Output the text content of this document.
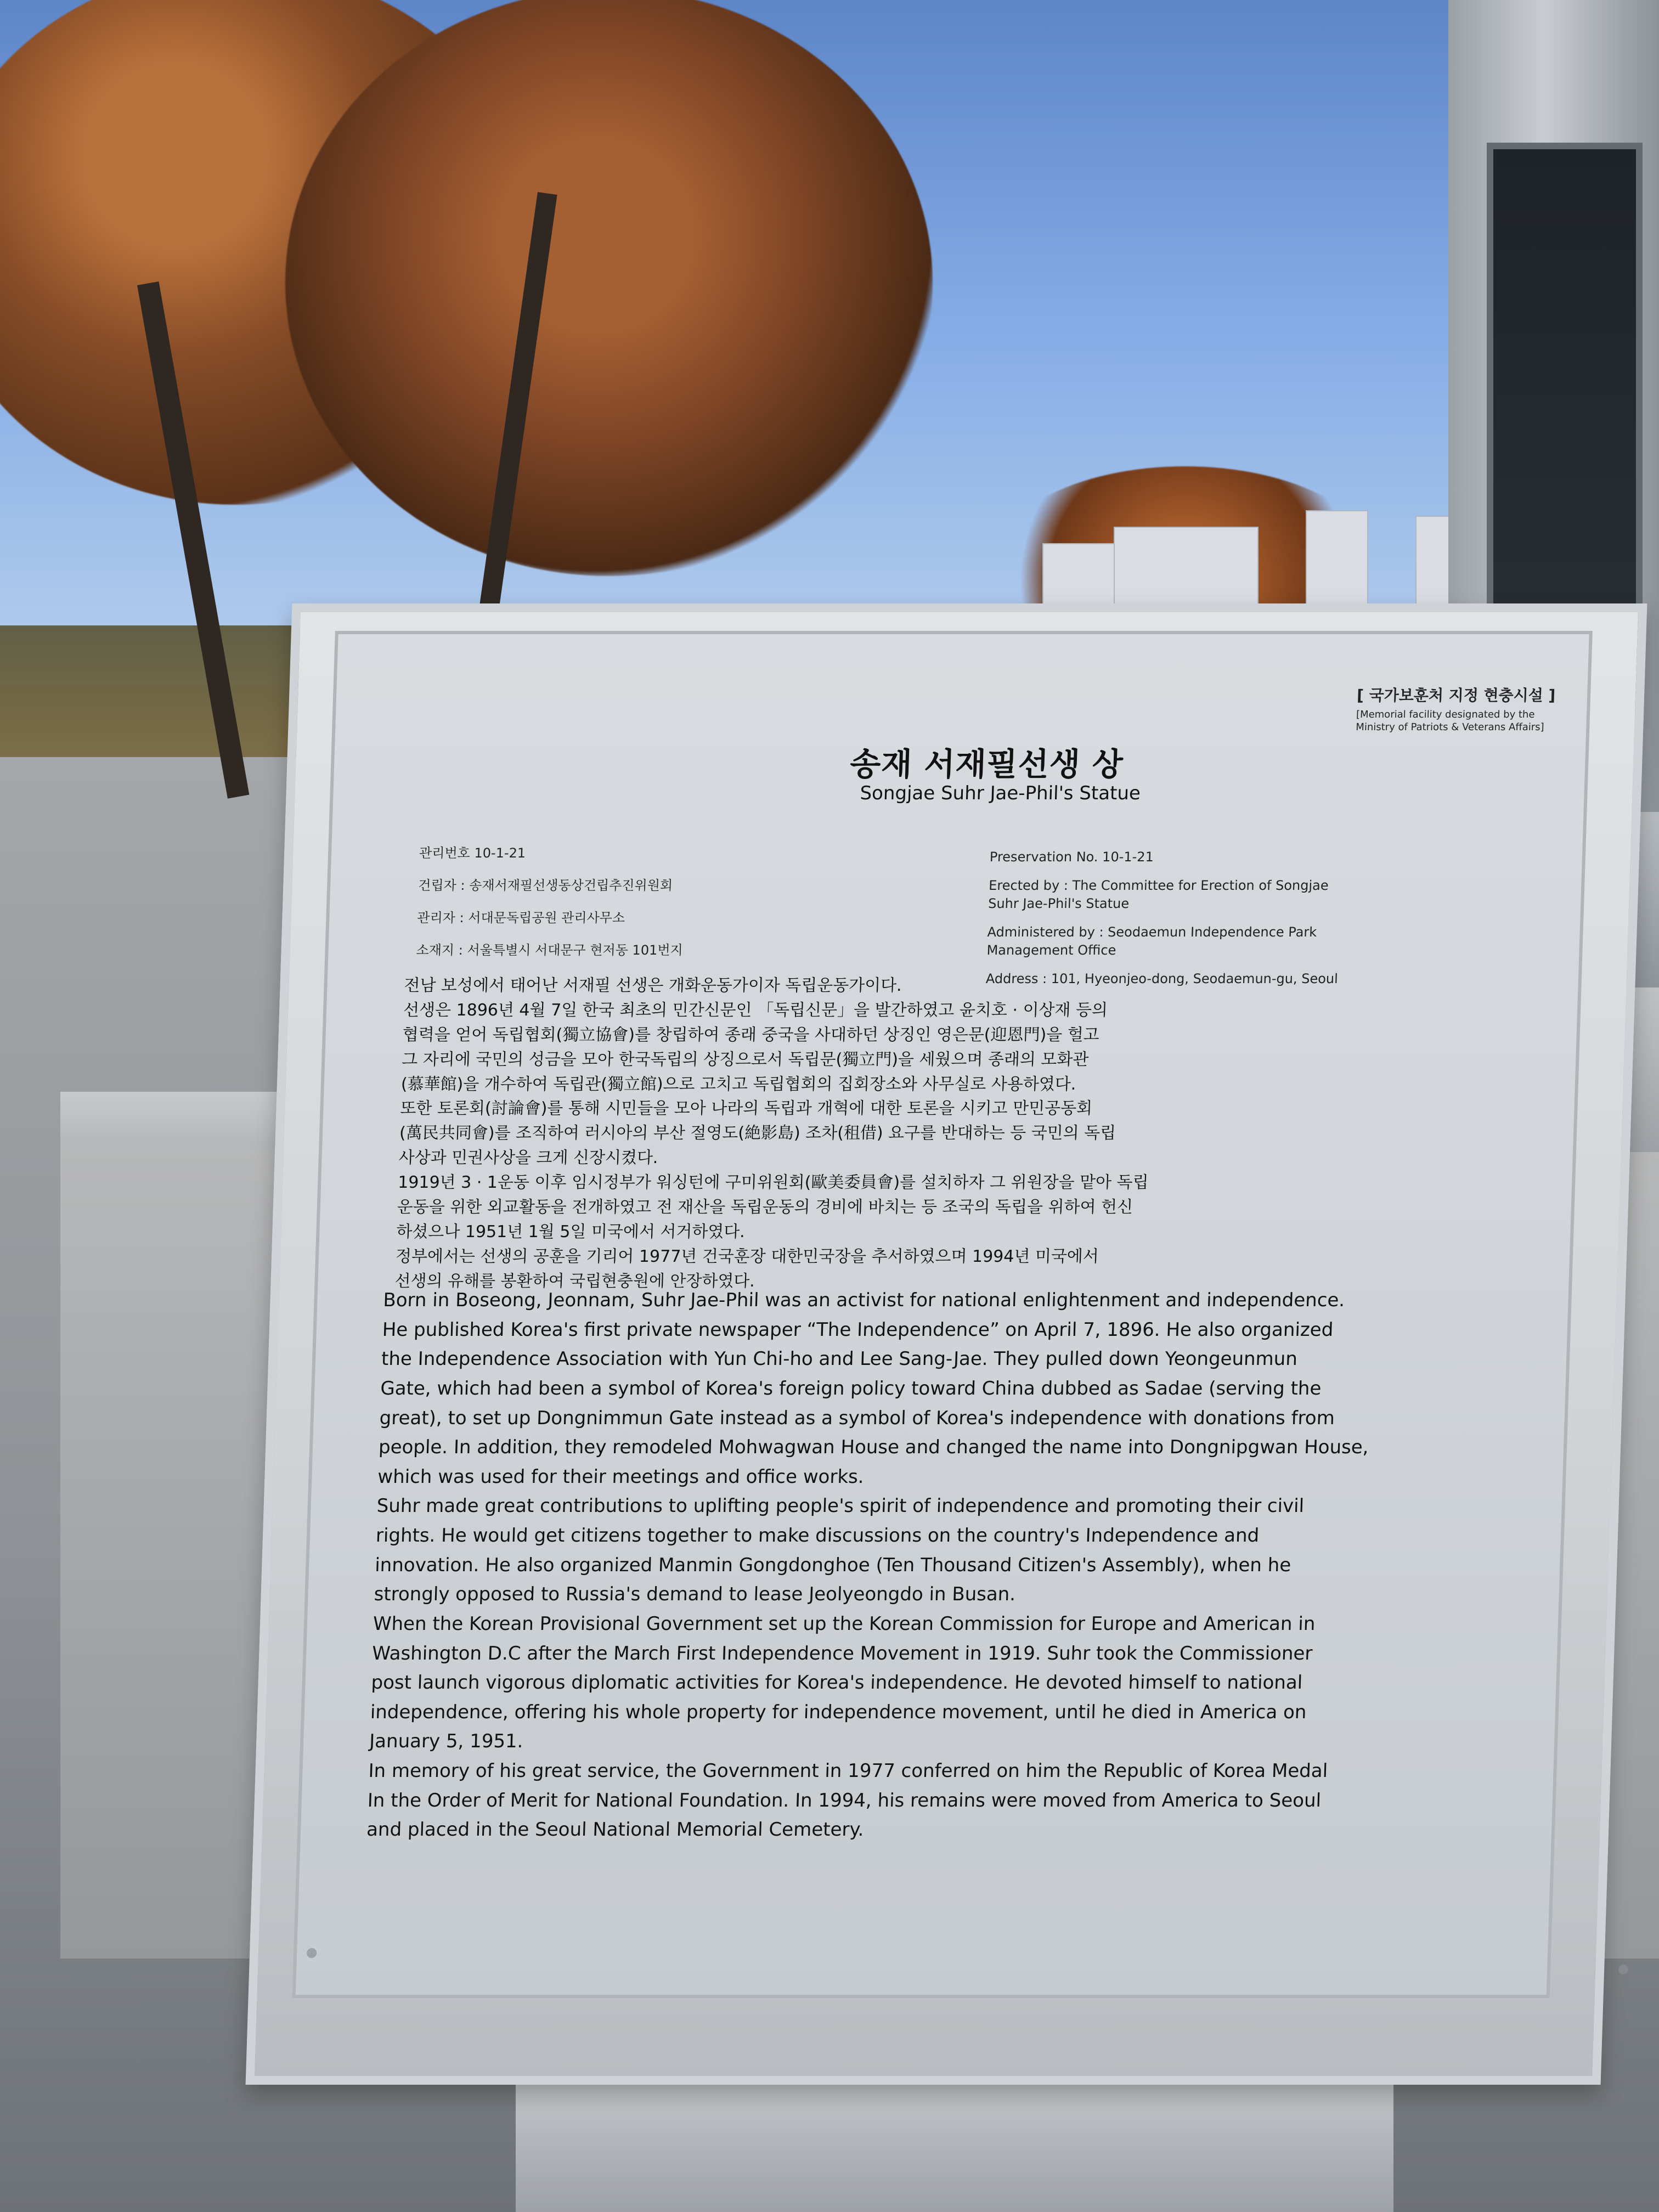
[ 국가보훈처 지정 현충시설 ]
[Memorial facility designated by the
Ministry of Patriots & Veterans Affairs]
송재 서재필선생 상
Songjae Suhr Jae-Phil's Statue
관리번호 10-1-21
건립자 : 송재서재필선생동상건립추진위원회
관리자 : 서대문독립공원 관리사무소
소재지 : 서울특별시 서대문구 현저동 101번지
Preservation No. 10-1-21
Erected by : The Committee for Erection of Songjae
Suhr Jae-Phil's Statue
Administered by : Seodaemun Independence Park
Management Office
Address : 101, Hyeonjeo-dong, Seodaemun-gu, Seoul

전남 보성에서 태어난 서재필 선생은 개화운동가이자 독립운동가이다.

선생은 1896년 4월 7일 한국 최초의 민간신문인 「독립신문」을 발간하였고 윤치호 · 이상재 등의

협력을 얻어 독립협회(獨立協會)를 창립하여 종래 중국을 사대하던 상징인 영은문(迎恩門)을 헐고

그 자리에 국민의 성금을 모아 한국독립의 상징으로서 독립문(獨立門)을 세웠으며 종래의 모화관

(慕華館)을 개수하여 독립관(獨立館)으로 고치고 독립협회의 집회장소와 사무실로 사용하였다.

또한 토론회(討論會)를 통해 시민들을 모아 나라의 독립과 개혁에 대한 토론을 시키고 만민공동회

(萬民共同會)를 조직하여 러시아의 부산 절영도(絶影島) 조차(租借) 요구를 반대하는 등 국민의 독립

사상과 민권사상을 크게 신장시켰다.

1919년 3 · 1운동 이후 임시정부가 워싱턴에 구미위원회(歐美委員會)를 설치하자 그 위원장을 맡아 독립

운동을 위한 외교활동을 전개하였고 전 재산을 독립운동의 경비에 바치는 등 조국의 독립을 위하여 헌신

하셨으나 1951년 1월 5일 미국에서 서거하였다.

정부에서는 선생의 공훈을 기리어 1977년 건국훈장 대한민국장을 추서하였으며 1994년 미국에서

선생의 유해를 봉환하여 국립현충원에 안장하였다.

Born in Boseong, Jeonnam, Suhr Jae-Phil was an activist for national enlightenment and independence.

He published Korea's first private newspaper “The Independence” on April 7, 1896. He also organized

the Independence Association with Yun Chi-ho and Lee Sang-Jae. They pulled down Yeongeunmun

Gate, which had been a symbol of Korea's foreign policy toward China dubbed as Sadae (serving the

great), to set up Dongnimmun Gate instead as a symbol of Korea's independence with donations from

people. In addition, they remodeled Mohwagwan House and changed the name into Dongnipgwan House,

which was used for their meetings and office works.

Suhr made great contributions to uplifting people's spirit of independence and promoting their civil

rights. He would get citizens together to make discussions on the country's Independence and

innovation. He also organized Manmin Gongdonghoe (Ten Thousand Citizen's Assembly), when he

strongly opposed to Russia's demand to lease Jeolyeongdo in Busan.

When the Korean Provisional Government set up the Korean Commission for Europe and American in

Washington D.C after the March First Independence Movement in 1919. Suhr took the Commissioner

post launch vigorous diplomatic activities for Korea's independence. He devoted himself to national

independence, offering his whole property for independence movement, until he died in America on

January 5, 1951.

In memory of his great service, the Government in 1977 conferred on him the Republic of Korea Medal

In the Order of Merit for National Foundation. In 1994, his remains were moved from America to Seoul

and placed in the Seoul National Memorial Cemetery.
